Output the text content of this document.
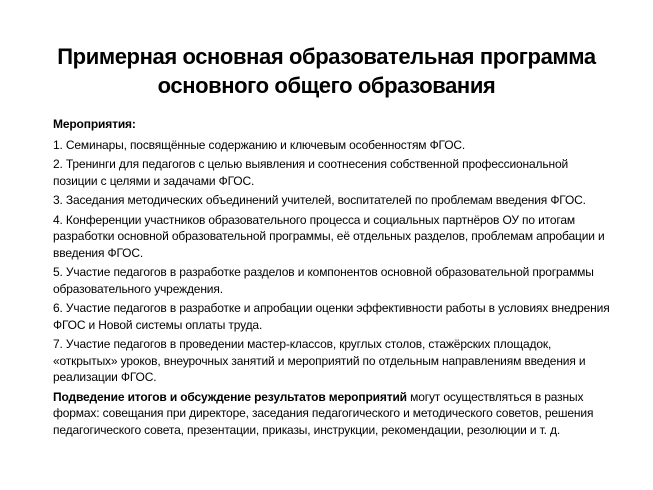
Примерная основная образовательная программа
основного общего образования

Мероприятия:

1. Семинары, посвящённые содержанию и ключевым особенностям ФГОС.

2. Тренинги для педагогов с целью выявления и соотнесения собственной профессиональной позиции с целями и задачами ФГОС.

3. Заседания методических объединений учителей, воспитателей по проблемам введения ФГОС.

4. Конференции участников образовательного процесса и социальных партнёров ОУ по итогам разработки основной образовательной программы, её отдельных разделов, проблемам апробации и введения ФГОС.

5. Участие педагогов в разработке разделов и компонентов основной образовательной программы образовательного учреждения.

6. Участие педагогов в разработке и апробации оценки эффективности работы в условиях внедрения ФГОС и Новой системы оплаты труда.

7. Участие педагогов в проведении мастер-классов, круглых столов, стажёрских площадок, «открытых» уроков, внеурочных занятий и мероприятий по отдельным направлениям введения и реализации ФГОС.

Подведение итогов и обсуждение результатов мероприятий могут осуществляться в разных формах: совещания при директоре, заседания педагогического и методического советов, решения педагогического совета, презентации, приказы, инструкции, рекомендации, резолюции и т. д.
